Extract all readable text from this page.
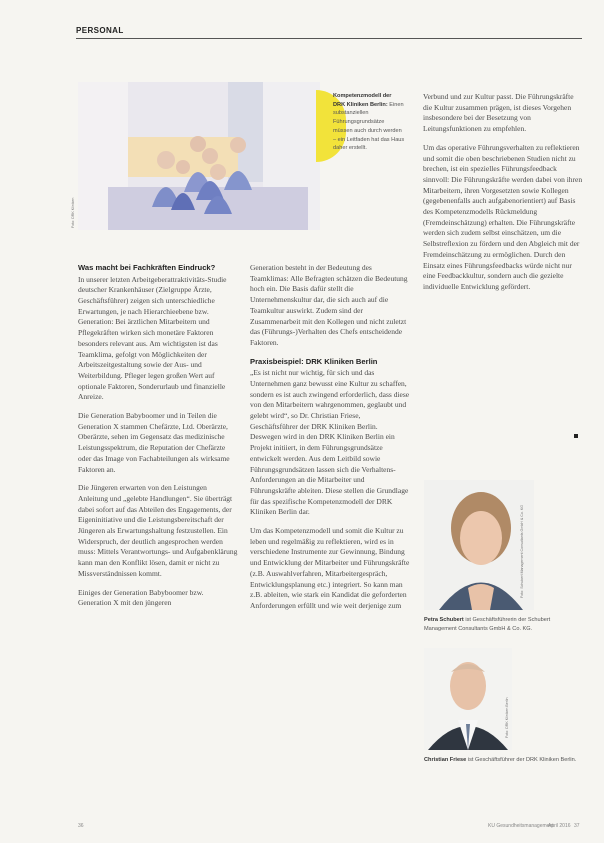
PERSONAL
Foto: DRK Kliniken
Kompetenzmodell der DRK Kliniken Berlin: Einen substanziellen Führungsgrundsätze müssen auch durch werden – ein Leitfaden hat das Haus daher erstellt.
Was macht bei Fachkräften Eindruck?

In unserer letzten Arbeitgeberattraktivitäts-Studie deutscher Krankenhäuser (Zielgruppe Ärzte, Geschäftsführer) zeigen sich unterschiedliche Erwartungen, je nach Hierarchieebene bzw. Generation: Bei ärztlichen Mitarbeitern und Pflegekräften wirken sich monetäre Faktoren besonders relevant aus. Am wichtigsten ist das Teamklima, gefolgt von Möglichkeiten der Arbeitszeitgestaltung sowie der Aus- und Weiterbildung. Pfleger legen großen Wert auf optionale Faktoren, Sonderurlaub und finanzielle Anreize.

Die Generation Babyboomer und in Teilen die Generation X stammen Chefärzte, Ltd. Oberärzte, Oberärzte, sehen im Gegensatz das medizinische Leistungsspektrum, die Reputation der Chefärzte oder das Image von Fachabteilungen als wirksame Faktoren an.

Die Jüngeren erwarten von den Leistungen Anleitung und „gelebte Handlungen“. Sie überträgt dabei sofort auf das Abteilen des Engagements, der Eigeninitiative und die Leistungsbereitschaft der Jüngeren als Erwartungshaltung festzustellen. Ein Widerspruch, der deutlich angesprochen werden muss: Mittels Verantwortungs- und Aufgabenklärung kann man den Konflikt lösen, damit er nicht zu Missverständnissen kommt.

Einiges der Generation Babyboomer bzw. Generation X mit den jüngeren

Generation besteht in der Bedeutung des Teamklimas: Alle Befragten schätzen die Bedeutung hoch ein. Die Basis dafür stellt die Unternehmenskultur dar, die sich auch auf die Teamkultur auswirkt. Zudem sind der Zusammenarbeit mit den Kollegen und nicht zuletzt das (Führungs-)Verhalten des Chefs entscheidende Faktoren.

Praxisbeispiel: DRK Kliniken Berlin

„Es ist nicht nur wichtig, für sich und das Unternehmen ganz bewusst eine Kultur zu schaffen, sondern es ist auch zwingend erforderlich, dass diese von den Mitarbeitern wahrgenommen, geglaubt und gelebt wird“, so Dr. Christian Friese, Geschäftsführer der DRK Kliniken Berlin. Deswegen wird in den DRK Kliniken Berlin ein Projekt initiiert, in dem Führungsgrundsätze entwickelt werden. Aus dem Leitbild sowie Führungsgrundsätzen lassen sich die Verhaltens-Anforderungen an die Mitarbeiter und Führungskräfte ableiten. Diese stellen die Grundlage für das spezifische Kompetenzmodell der DRK Kliniken Berlin dar.

Um das Kompetenzmodell und somit die Kultur zu leben und regelmäßig zu reflektieren, wird es in verschiedene Instrumente zur Gewinnung, Bindung und Entwicklung der Mitarbeiter und Führungskräfte (z.B. Auswahlverfahren, Mitarbeitergespräch, Entwicklungsplanung etc.) integriert. So kann man z.B. ableiten, wie stark ein Kandidat die geforderten Anforderungen erfüllt und wie weit derjenige zum

Verbund und zur Kultur passt. Die Führungskräfte die Kultur zusammen prägen, ist dieses Vorgehen insbesondere bei der Besetzung von Leitungsfunktionen zu empfehlen.

Um das operative Führungsverhalten zu reflektieren und somit die oben beschriebenen Studien nicht zu brechen, ist ein spezielles Führungsfeedback sinnvoll: Die Führungskräfte werden dabei von ihren Mitarbeitern, ihren Vorgesetzten sowie Kollegen (gegebenenfalls auch aufgabenorientiert) auf Basis des Kompetenzmodells Rückmeldung (Fremdeinschätzung) erhalten. Die Führungskräfte werden sich zudem selbst einschätzen, um die Selbstreflexion zu fördern und den Abgleich mit der Fremdeinschätzung zu ermöglichen. Durch den Einsatz eines Führungsfeedbacks würde nicht nur eine Feedbackkultur, sondern auch die gezielte individuelle Entwicklung gefördert.

Foto: Schubert Management Consultants GmbH & Co. KG
Petra Schubert ist Geschäftsführerin der Schubert Management Consultants GmbH & Co. KG.
Foto: DRK Kliniken Berlin
Christian Friese ist Geschäftsführer der DRK Kliniken Berlin.
36	KU Gesundheitsmanagement
April 2016 37
